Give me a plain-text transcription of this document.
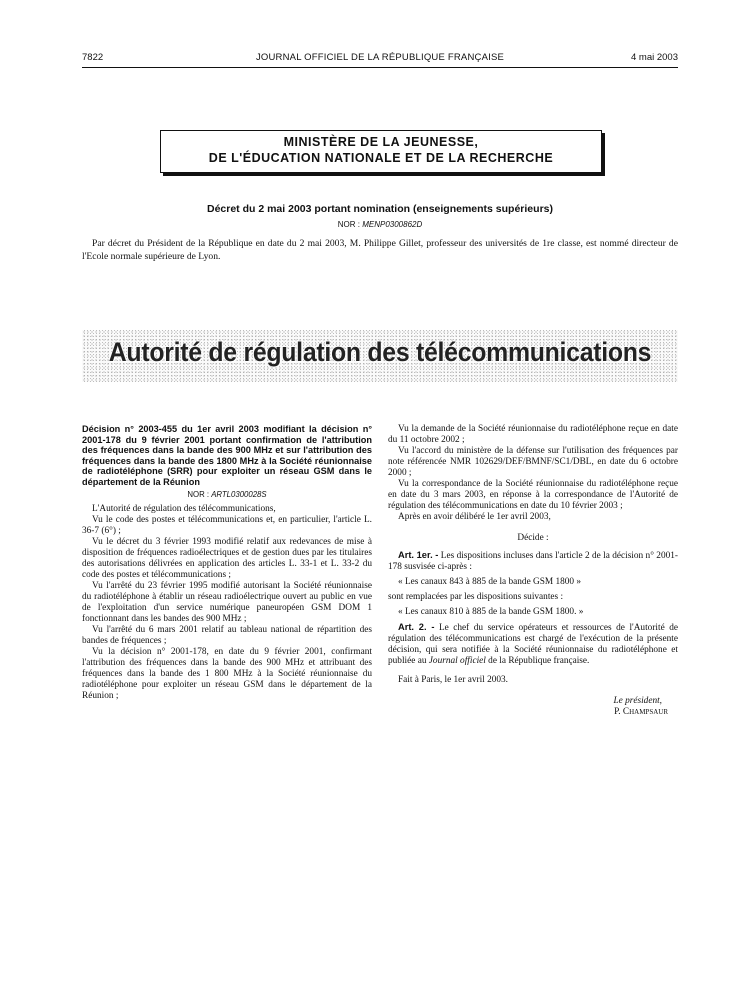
7822	JOURNAL OFFICIEL DE LA RÉPUBLIQUE FRANÇAISE	4 mai 2003
MINISTÈRE DE LA JEUNESSE,
DE L'ÉDUCATION NATIONALE ET DE LA RECHERCHE
Décret du 2 mai 2003 portant nomination (enseignements supérieurs)
NOR : MENP0300862D

Par décret du Président de la République en date du 2 mai 2003, M. Philippe Gillet, professeur des universités de 1re classe, est nommé directeur de l'Ecole normale supérieure de Lyon.

Autorité de régulation des télécommunications

Décision n° 2003-455 du 1er avril 2003 modifiant la décision n° 2001-178 du 9 février 2001 portant confirmation de l'attribution des fréquences dans la bande des 900 MHz et sur l'attribution des fréquences dans la bande des 1800 MHz à la Société réunionnaise de radiotéléphone (SRR) pour exploiter un réseau GSM dans le département de la Réunion

NOR : ARTL0300028S

L'Autorité de régulation des télécommunications,

Vu le code des postes et télécommunications et, en particulier, l'article L. 36-7 (6°) ;

Vu le décret du 3 février 1993 modifié relatif aux redevances de mise à disposition de fréquences radioélectriques et de gestion dues par les titulaires des autorisations délivrées en application des articles L. 33-1 et L. 33-2 du code des postes et télécommunications ;

Vu l'arrêté du 23 février 1995 modifié autorisant la Société réunionnaise du radiotéléphone à établir un réseau radioélectrique ouvert au public en vue de l'exploitation d'un service numérique paneuropéen GSM DOM 1 fonctionnant dans les bandes des 900 MHz ;

Vu l'arrêté du 6 mars 2001 relatif au tableau national de répartition des bandes de fréquences ;

Vu la décision n° 2001-178, en date du 9 février 2001, confirmant l'attribution des fréquences dans la bande des 900 MHz et attribuant des fréquences dans la bande des 1 800 MHz à la Société réunionnaise du radiotéléphone pour exploiter un réseau GSM dans le département de la Réunion ;

Vu la demande de la Société réunionnaise du radiotéléphone reçue en date du 11 octobre 2002 ;

Vu l'accord du ministère de la défense sur l'utilisation des fréquences par note référencée NMR 102629/DEF/BMNF/SC1/DBL, en date du 6 octobre 2000 ;

Vu la correspondance de la Société réunionnaise du radiotéléphone reçue en date du 3 mars 2003, en réponse à la correspondance de l'Autorité de régulation des télécommunications en date du 10 février 2003 ;

Après en avoir délibéré le 1er avril 2003,

Décide :

Art. 1er. - Les dispositions incluses dans l'article 2 de la décision n° 2001-178 susvisée ci-après :

« Les canaux 843 à 885 de la bande GSM 1800 »

sont remplacées par les dispositions suivantes :

« Les canaux 810 à 885 de la bande GSM 1800. »

Art. 2. - Le chef du service opérateurs et ressources de l'Autorité de régulation des télécommunications est chargé de l'exécution de la présente décision, qui sera notifiée à la Société réunionnaise du radiotéléphone et publiée au Journal officiel de la République française.

Fait à Paris, le 1er avril 2003.

Le président,

P. Champsaur
